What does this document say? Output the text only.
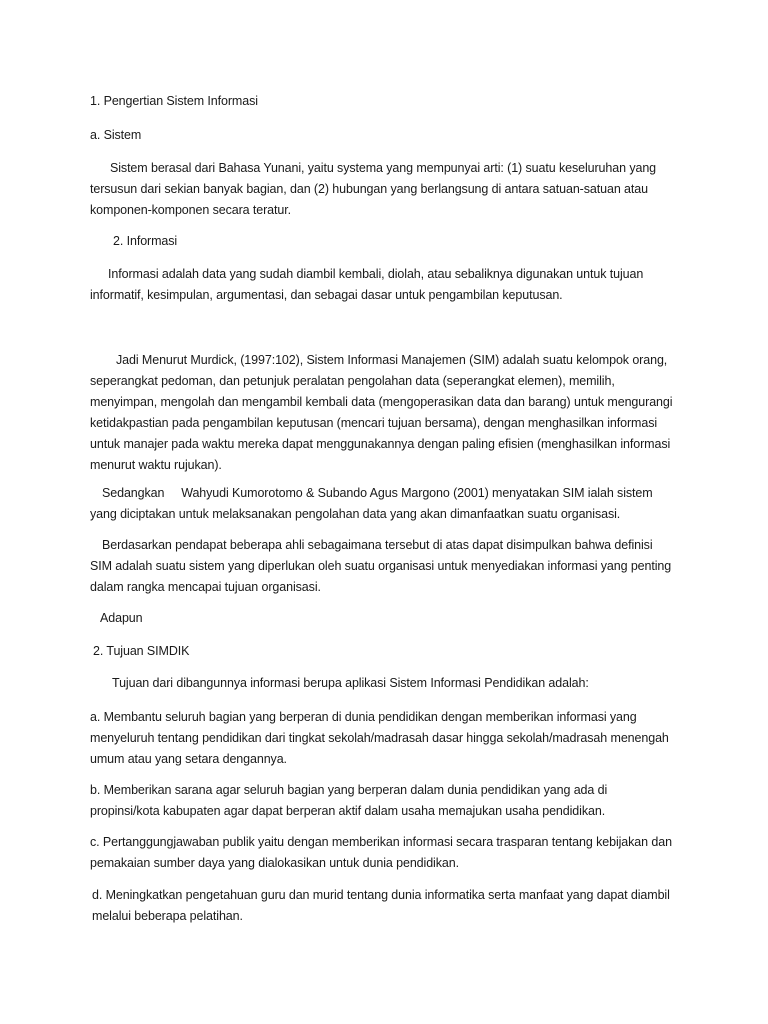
1. Pengertian Sistem Informasi

a. Sistem

Sistem berasal dari Bahasa Yunani, yaitu systema yang mempunyai arti: (1) suatu keseluruhan yang tersusun dari sekian banyak bagian, dan (2) hubungan yang berlangsung di antara satuan-satuan atau komponen-komponen secara teratur.

2. Informasi

Informasi adalah data yang sudah diambil kembali, diolah, atau sebaliknya digunakan untuk tujuan informatif, kesimpulan, argumentasi, dan sebagai dasar untuk pengambilan keputusan.

Jadi Menurut Murdick, (1997:102), Sistem Informasi Manajemen (SIM) adalah suatu kelompok orang, seperangkat pedoman, dan petunjuk peralatan pengolahan data (seperangkat elemen), memilih, menyimpan, mengolah dan mengambil kembali data (mengoperasikan data dan barang) untuk mengurangi ketidakpastian pada pengambilan keputusan (mencari tujuan bersama), dengan menghasilkan informasi untuk manajer pada waktu mereka dapat menggunakannya dengan paling efisien (menghasilkan informasi menurut waktu rujukan).

Sedangkan     Wahyudi Kumorotomo & Subando Agus Margono (2001) menyatakan SIM ialah sistem yang diciptakan untuk melaksanakan pengolahan data yang akan dimanfaatkan suatu organisasi.

Berdasarkan pendapat beberapa ahli sebagaimana tersebut di atas dapat disimpulkan bahwa definisi SIM adalah suatu sistem yang diperlukan oleh suatu organisasi untuk menyediakan informasi yang penting dalam rangka mencapai tujuan organisasi.

Adapun

2. Tujuan SIMDIK

Tujuan dari dibangunnya informasi berupa aplikasi Sistem Informasi Pendidikan adalah:

a. Membantu seluruh bagian yang berperan di dunia pendidikan dengan memberikan informasi yang menyeluruh tentang pendidikan dari tingkat sekolah/madrasah dasar hingga sekolah/madrasah menengah umum atau yang setara dengannya.

b. Memberikan sarana agar seluruh bagian yang berperan dalam dunia pendidikan yang ada di propinsi/kota kabupaten agar dapat berperan aktif dalam usaha memajukan usaha pendidikan.

c. Pertanggungjawaban publik yaitu dengan memberikan informasi secara trasparan tentang kebijakan dan pemakaian sumber daya yang dialokasikan untuk dunia pendidikan.

d. Meningkatkan pengetahuan guru dan murid tentang dunia informatika serta manfaat yang dapat diambil melalui beberapa pelatihan.
